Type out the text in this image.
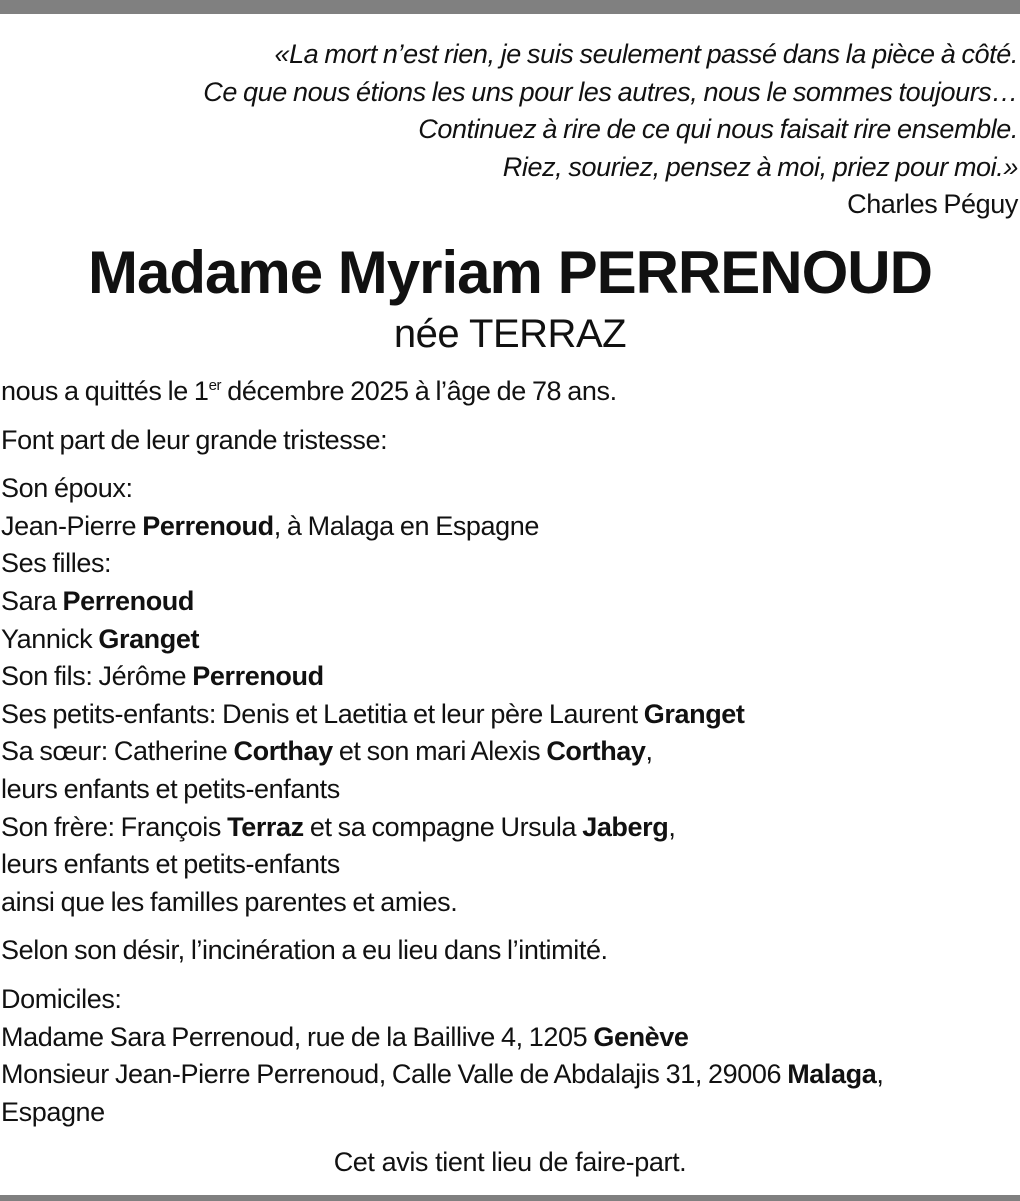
«La mort n’est rien, je suis seulement passé dans la pièce à côté.
Ce que nous étions les uns pour les autres, nous le sommes toujours…
Continuez à rire de ce qui nous faisait rire ensemble.
Riez, souriez, pensez à moi, priez pour moi.»
Charles Péguy
Madame Myriam PERRENOUD
née TERRAZ

nous a quittés le 1er décembre 2025 à l’âge de 78 ans.

Font part de leur grande tristesse:

Son époux:

Jean-Pierre Perrenoud, à Malaga en Espagne

Ses filles:

Sara Perrenoud

Yannick Granget

Son fils: Jérôme Perrenoud

Ses petits-enfants: Denis et Laetitia et leur père Laurent Granget

Sa sœur: Catherine Corthay et son mari Alexis Corthay,

leurs enfants et petits-enfants

Son frère: François Terraz et sa compagne Ursula Jaberg,

leurs enfants et petits-enfants

ainsi que les familles parentes et amies.

Selon son désir, l’incinération a eu lieu dans l’intimité.

Domiciles:

Madame Sara Perrenoud, rue de la Baillive 4, 1205 Genève

Monsieur Jean-Pierre Perrenoud, Calle Valle de Abdalajis 31, 29006 Malaga,

Espagne

Cet avis tient lieu de faire-part.
